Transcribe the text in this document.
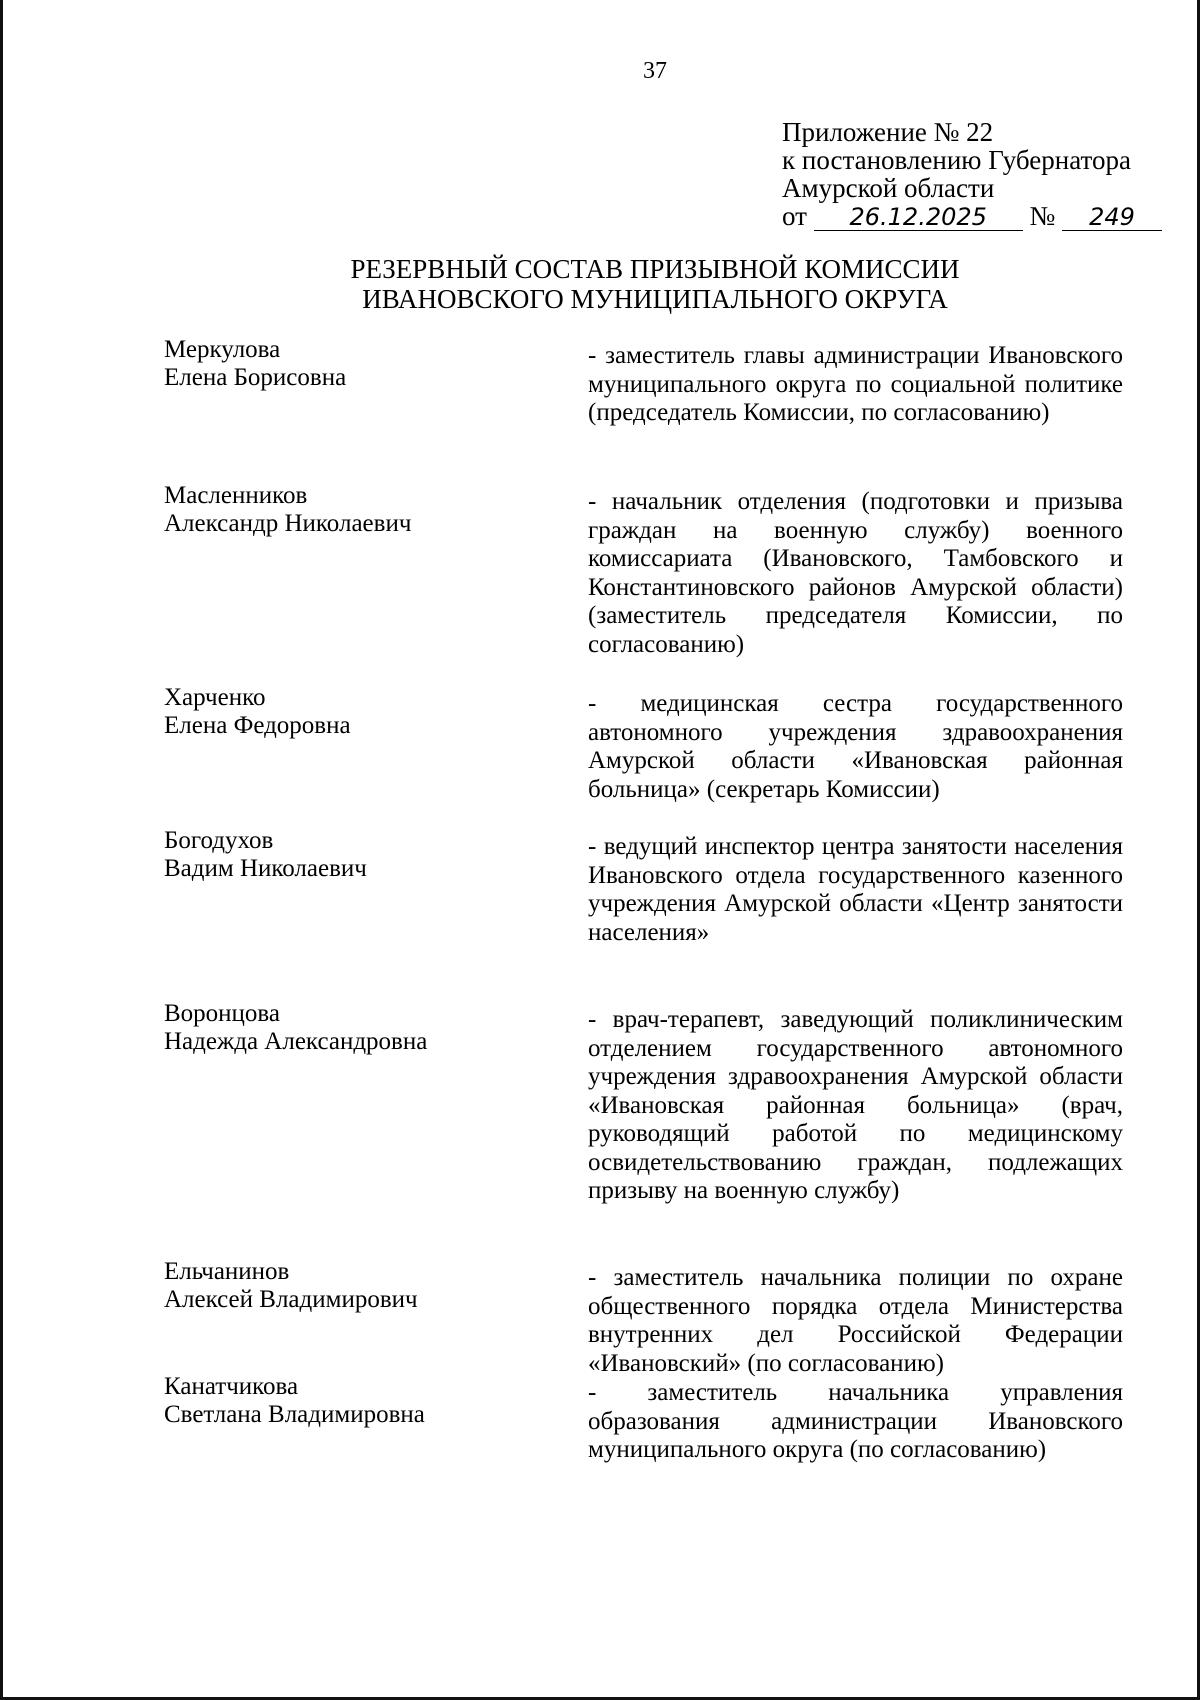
37
Приложение № 22
к постановлению Губернатора
Амурской области
от 26.12.2025 № 249
РЕЗЕРВНЫЙ СОСТАВ ПРИЗЫВНОЙ КОМИССИИ
ИВАНОВСКОГО МУНИЦИПАЛЬНОГО ОКРУГА
Меркулова
Елена Борисовна
- заместитель главы администрации Ивановского муниципального округа по социальной политике (председатель Комиссии, по согласованию)
Масленников
Александр Николаевич
- начальник отделения (подготовки и призыва граждан на военную службу) военного комиссариата (Ивановского, Тамбовского и Константиновского районов Амурской области) (заместитель председателя Комиссии, по согласованию)
Харченко
Елена Федоровна
- медицинская сестра государственного автономного учреждения здравоохранения Амурской области «Ивановская районная больница» (секретарь Комиссии)
Богодухов
Вадим Николаевич
- ведущий инспектор центра занятости населения Ивановского отдела государственного казенного учреждения Амурской области «Центр занятости населения»
Воронцова
Надежда Александровна
- врач-терапевт, заведующий поликлиническим отделением государственного автономного учреждения здравоохранения Амурской области «Ивановская районная больница» (врач, руководящий работой по медицинскому освидетельствованию граждан, подлежащих призыву на военную службу)
Ельчанинов
Алексей Владимирович
- заместитель начальника полиции по охране общественного порядка отдела Министерства внутренних дел Российской Федерации «Ивановский» (по согласованию)
Канатчикова
Светлана Владимировна
- заместитель начальника управления образования администрации Ивановского муниципального округа (по согласованию)
